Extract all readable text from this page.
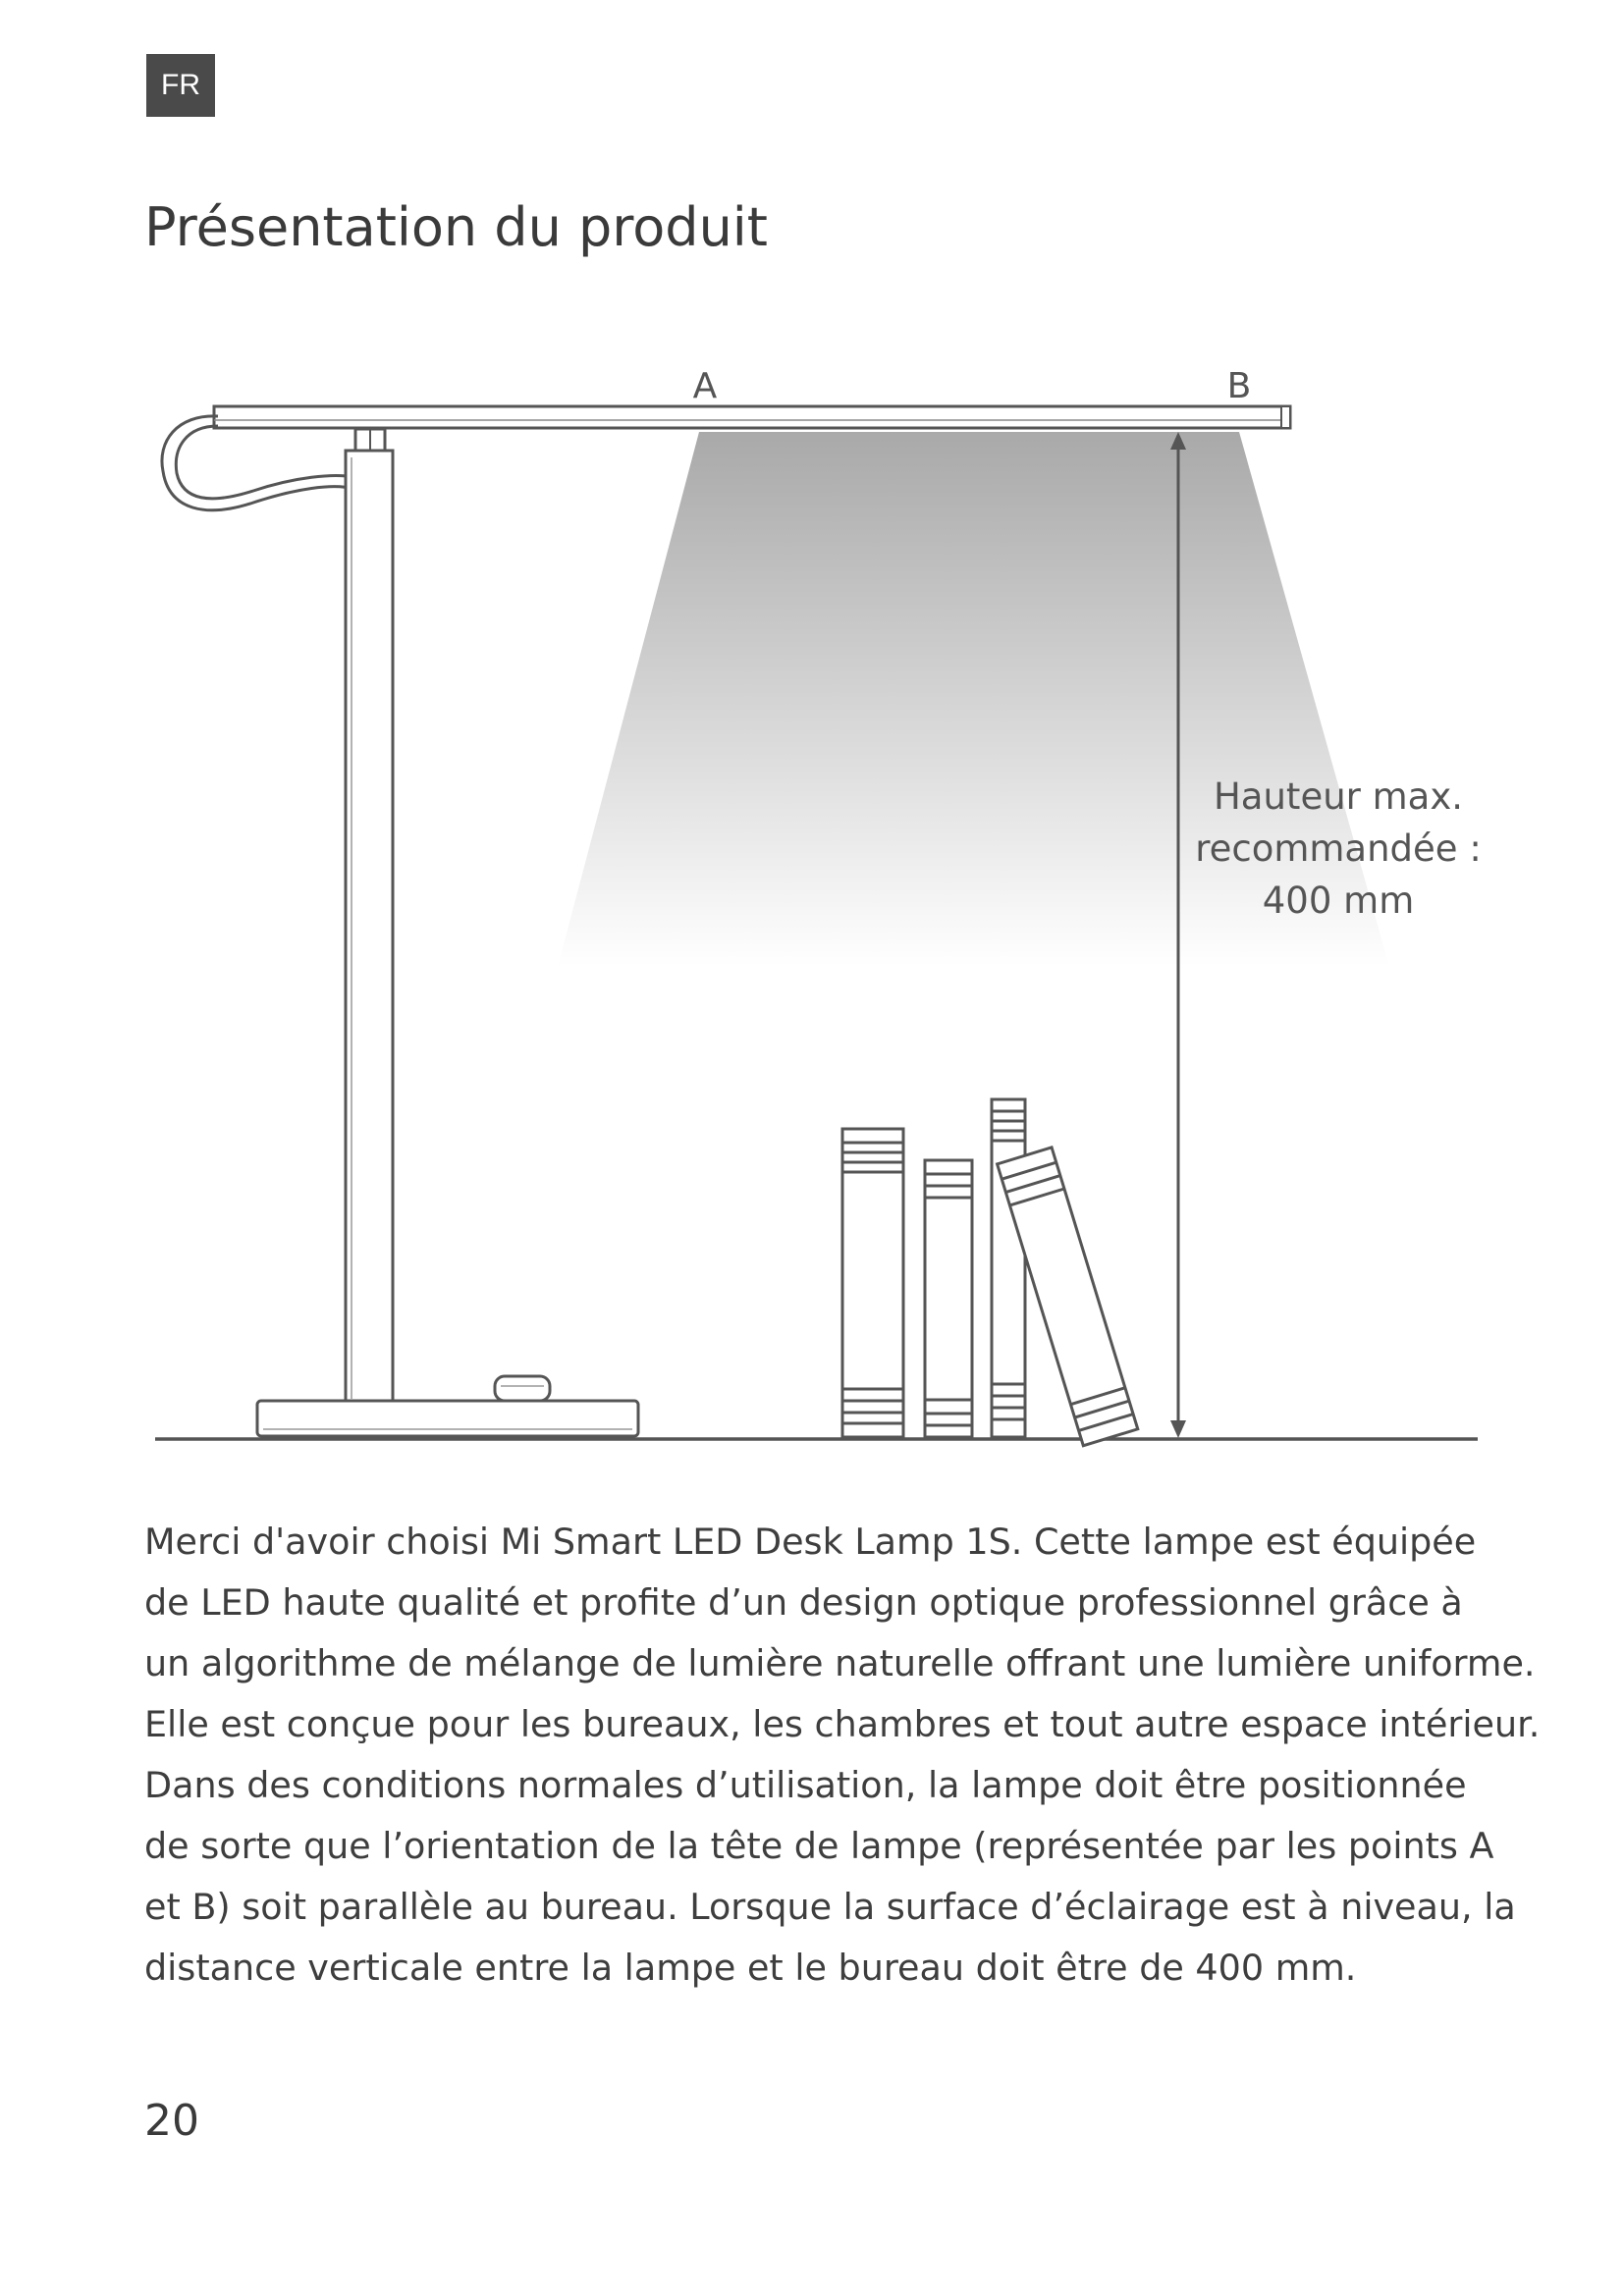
FR
Présentation du produit
A	B
Hauteur max.
recommandée :
400 mm

Merci d'avoir choisi Mi Smart LED Desk Lamp 1S. Cette lampe est équipée
de LED haute qualité et profite d’un design optique professionnel grâce à
un algorithme de mélange de lumière naturelle offrant une lumière uniforme.
Elle est conçue pour les bureaux, les chambres et tout autre espace intérieur.
Dans des conditions normales d’utilisation, la lampe doit être positionnée
de sorte que l’orientation de la tête de lampe (représentée par les points A
et B) soit parallèle au bureau. Lorsque la surface d’éclairage est à niveau, la
distance verticale entre la lampe et le bureau doit être de 400 mm.

20
